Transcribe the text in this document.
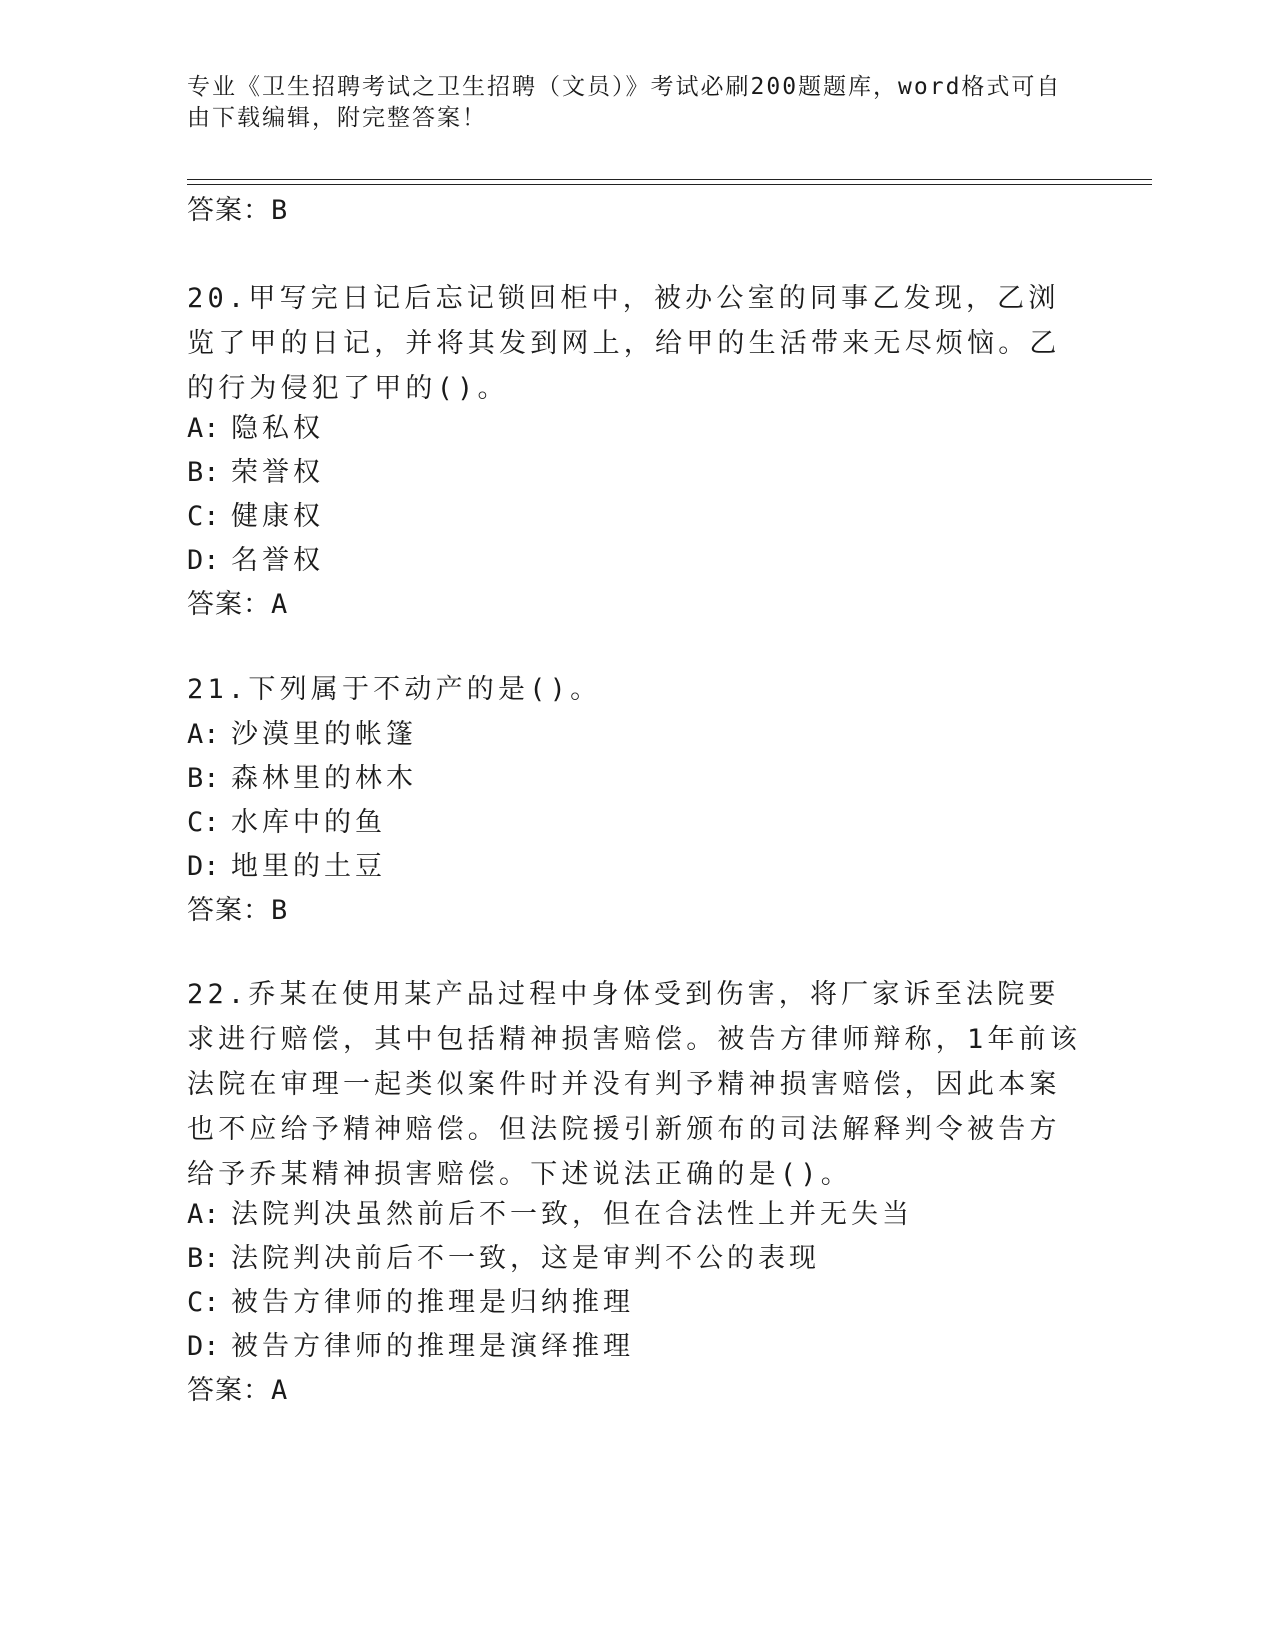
专业《卫生招聘考试之卫生招聘（文员）》考试必刷200题题库，word格式可自由下载编辑，附完整答案！
答案：B
20.甲写完日记后忘记锁回柜中，被办公室的同事乙发现，乙浏览了甲的日记，并将其发到网上，给甲的生活带来无尽烦恼。乙的行为侵犯了甲的()。
A: 隐私权
B: 荣誉权
C: 健康权
D: 名誉权
答案：A
21.下列属于不动产的是()。
A: 沙漠里的帐篷
B: 森林里的林木
C: 水库中的鱼
D: 地里的土豆
答案：B
22.乔某在使用某产品过程中身体受到伤害，将厂家诉至法院要求进行赔偿，其中包括精神损害赔偿。被告方律师辩称，1年前该法院在审理一起类似案件时并没有判予精神损害赔偿，因此本案也不应给予精神赔偿。但法院援引新颁布的司法解释判令被告方给予乔某精神损害赔偿。下述说法正确的是()。
A: 法院判决虽然前后不一致，但在合法性上并无失当
B: 法院判决前后不一致，这是审判不公的表现
C: 被告方律师的推理是归纳推理
D: 被告方律师的推理是演绎推理
答案：A
